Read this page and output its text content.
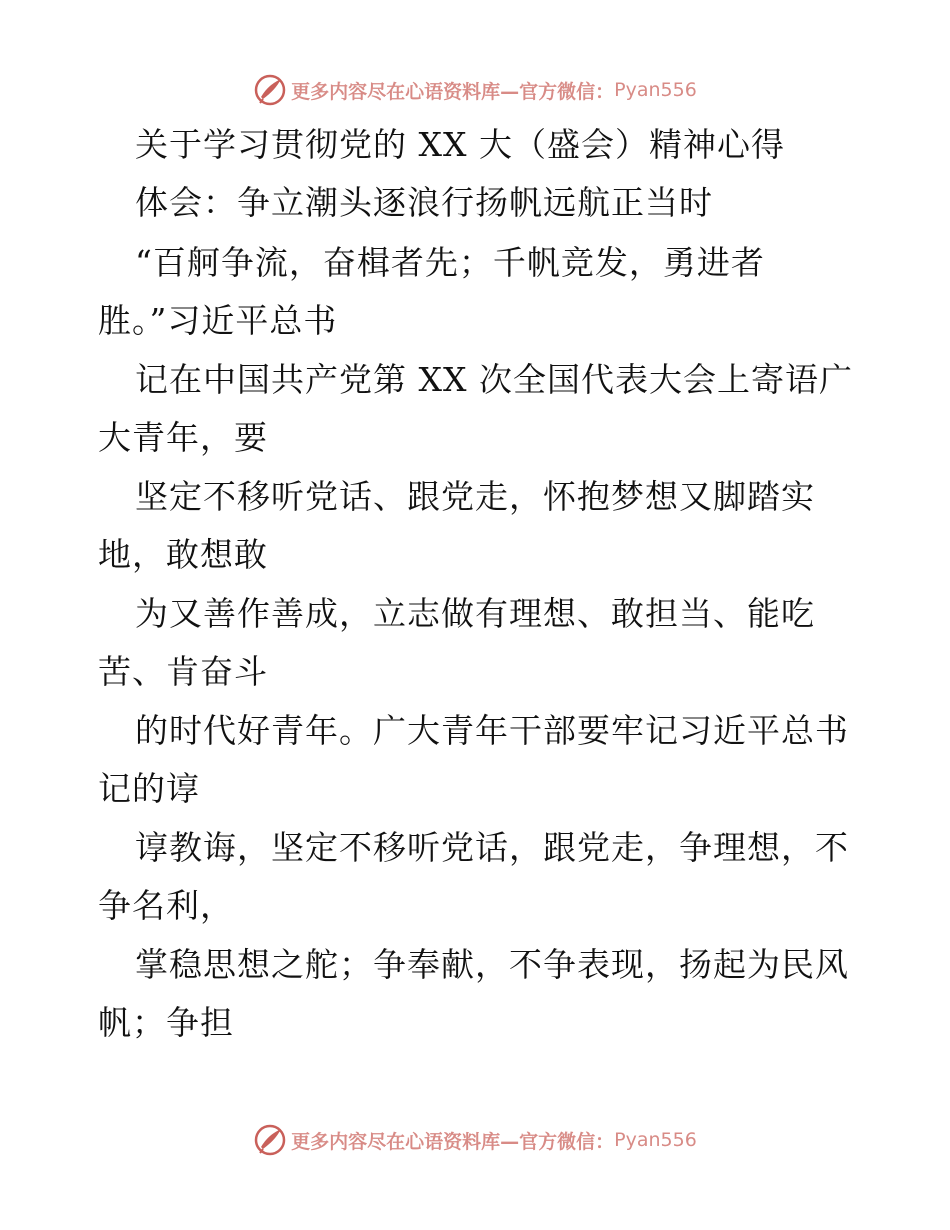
更多内容尽在心语资料库—官方微信： Pyan556
关于学习贯彻党的 XX 大（盛会）精神心得
体会：争立潮头逐浪行扬帆远航正当时
“百舸争流，奋楫者先；千帆竞发，勇进者
胜。”习近平总书
记在中国共产党第 XX 次全国代表大会上寄语广
大青年，要
坚定不移听党话、跟党走，怀抱梦想又脚踏实
地，敢想敢
为又善作善成，立志做有理想、敢担当、能吃
苦、肯奋斗
的时代好青年。广大青年干部要牢记习近平总书
记的谆
谆教诲，坚定不移听党话，跟党走，争理想，不
争名利，
掌稳思想之舵；争奉献，不争表现，扬起为民风
帆；争担
更多内容尽在心语资料库—官方微信： Pyan556
